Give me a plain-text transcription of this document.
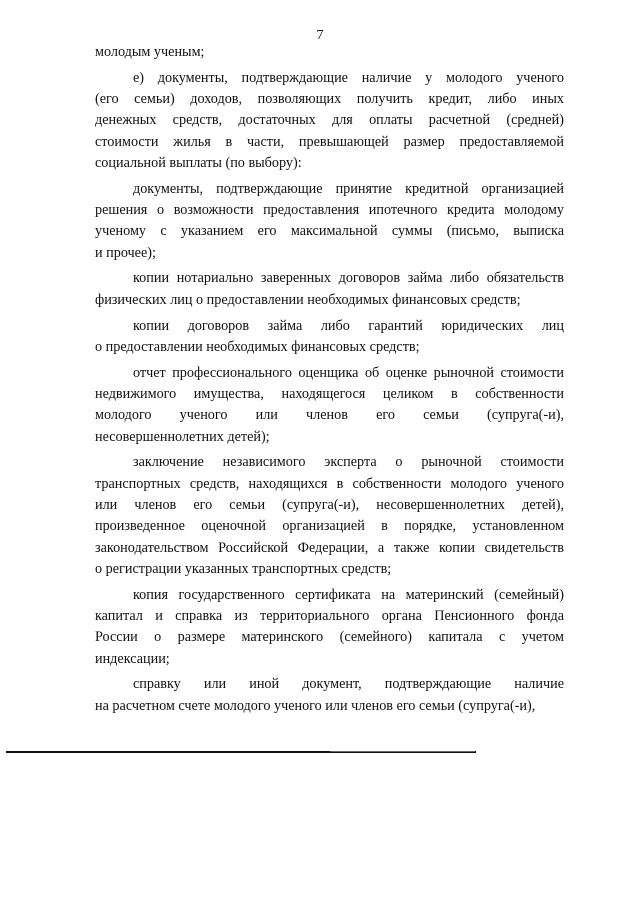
7
молодым ученым;
е) документы, подтверждающие наличие у молодого ученого
(его семьи) доходов, позволяющих получить кредит, либо иных
денежных средств, достаточных для оплаты расчетной (средней)
стоимости жилья в части, превышающей размер предоставляемой
социальной выплаты (по выбору):
документы, подтверждающие принятие кредитной организацией
решения о возможности предоставления ипотечного кредита молодому
ученому с указанием его максимальной суммы (письмо, выписка
и прочее);
копии нотариально заверенных договоров займа либо обязательств
физических лиц о предоставлении необходимых финансовых средств;
копии договоров займа либо гарантий юридических лиц
о предоставлении необходимых финансовых средств;
отчет профессионального оценщика об оценке рыночной стоимости
недвижимого имущества, находящегося целиком в собственности
молодого ученого или членов его семьи (супруга(-и),
несовершеннолетних детей);
заключение независимого эксперта о рыночной стоимости
транспортных средств, находящихся в собственности молодого ученого
или членов его семьи (супруга(-и), несовершеннолетних детей),
произведенное оценочной организацией в порядке, установленном
законодательством Российской Федерации, а также копии свидетельств
о регистрации указанных транспортных средств;
копия государственного сертификата на материнский (семейный)
капитал и справка из территориального органа Пенсионного фонда
России о размере материнского (семейного) капитала с учетом
индексации;
справку или иной документ, подтверждающие наличие
на расчетном счете молодого ученого или членов его семьи (супруга(-и),
